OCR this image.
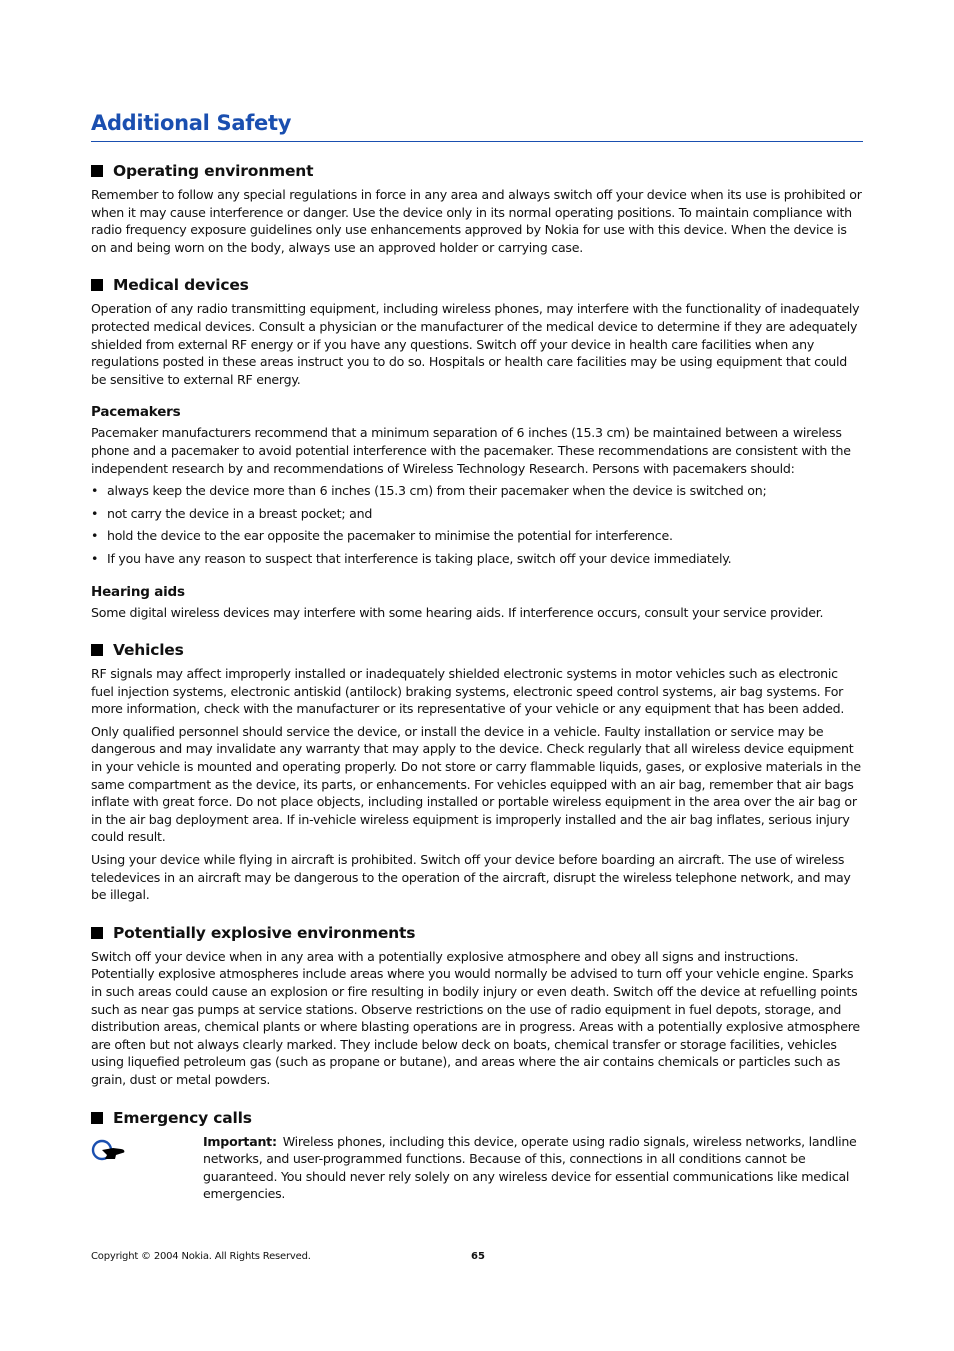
Additional Safety
Operating environment

Remember to follow any special regulations in force in any area and always switch off your device when its use is prohibited or when it may cause interference or danger. Use the device only in its normal operating positions. To maintain compliance with radio frequency exposure guidelines only use enhancements approved by Nokia for use with this device. When the device is on and being worn on the body, always use an approved holder or carrying case.

Medical devices

Operation of any radio transmitting equipment, including wireless phones, may interfere with the functionality of inadequately protected medical devices. Consult a physician or the manufacturer of the medical device to determine if they are adequately shielded from external RF energy or if you have any questions. Switch off your device in health care facilities when any regulations posted in these areas instruct you to do so. Hospitals or health care facilities may be using equipment that could be sensitive to external RF energy.

Pacemakers

Pacemaker manufacturers recommend that a minimum separation of 6 inches (15.3 cm) be maintained between a wireless phone and a pacemaker to avoid potential interference with the pacemaker. These recommendations are consistent with the independent research by and recommendations of Wireless Technology Research. Persons with pacemakers should:

• always keep the device more than 6 inches (15.3 cm) from their pacemaker when the device is switched on;
• not carry the device in a breast pocket; and
• hold the device to the ear opposite the pacemaker to minimise the potential for interference.
• If you have any reason to suspect that interference is taking place, switch off your device immediately.
Hearing aids

Some digital wireless devices may interfere with some hearing aids. If interference occurs, consult your service provider.

Vehicles

RF signals may affect improperly installed or inadequately shielded electronic systems in motor vehicles such as electronic fuel injection systems, electronic antiskid (antilock) braking systems, electronic speed control systems, air bag systems. For more information, check with the manufacturer or its representative of your vehicle or any equipment that has been added.

Only qualified personnel should service the device, or install the device in a vehicle. Faulty installation or service may be dangerous and may invalidate any warranty that may apply to the device. Check regularly that all wireless device equipment in your vehicle is mounted and operating properly. Do not store or carry flammable liquids, gases, or explosive materials in the same compartment as the device, its parts, or enhancements. For vehicles equipped with an air bag, remember that air bags inflate with great force. Do not place objects, including installed or portable wireless equipment in the area over the air bag or in the air bag deployment area. If in-vehicle wireless equipment is improperly installed and the air bag inflates, serious injury could result.

Using your device while flying in aircraft is prohibited. Switch off your device before boarding an aircraft. The use of wireless teledevices in an aircraft may be dangerous to the operation of the aircraft, disrupt the wireless telephone network, and may be illegal.

Potentially explosive environments

Switch off your device when in any area with a potentially explosive atmosphere and obey all signs and instructions. Potentially explosive atmospheres include areas where you would normally be advised to turn off your vehicle engine. Sparks in such areas could cause an explosion or fire resulting in bodily injury or even death. Switch off the device at refuelling points such as near gas pumps at service stations. Observe restrictions on the use of radio equipment in fuel depots, storage, and distribution areas, chemical plants or where blasting operations are in progress. Areas with a potentially explosive atmosphere are often but not always clearly marked. They include below deck on boats, chemical transfer or storage facilities, vehicles using liquefied petroleum gas (such as propane or butane), and areas where the air contains chemicals or particles such as grain, dust or metal powders.

Emergency calls
Important: Wireless phones, including this device, operate using radio signals, wireless networks, landline networks, and user-programmed functions. Because of this, connections in all conditions cannot be guaranteed. You should never rely solely on any wireless device for essential communications like medical emergencies.
Copyright © 2004 Nokia. All Rights Reserved.	65
